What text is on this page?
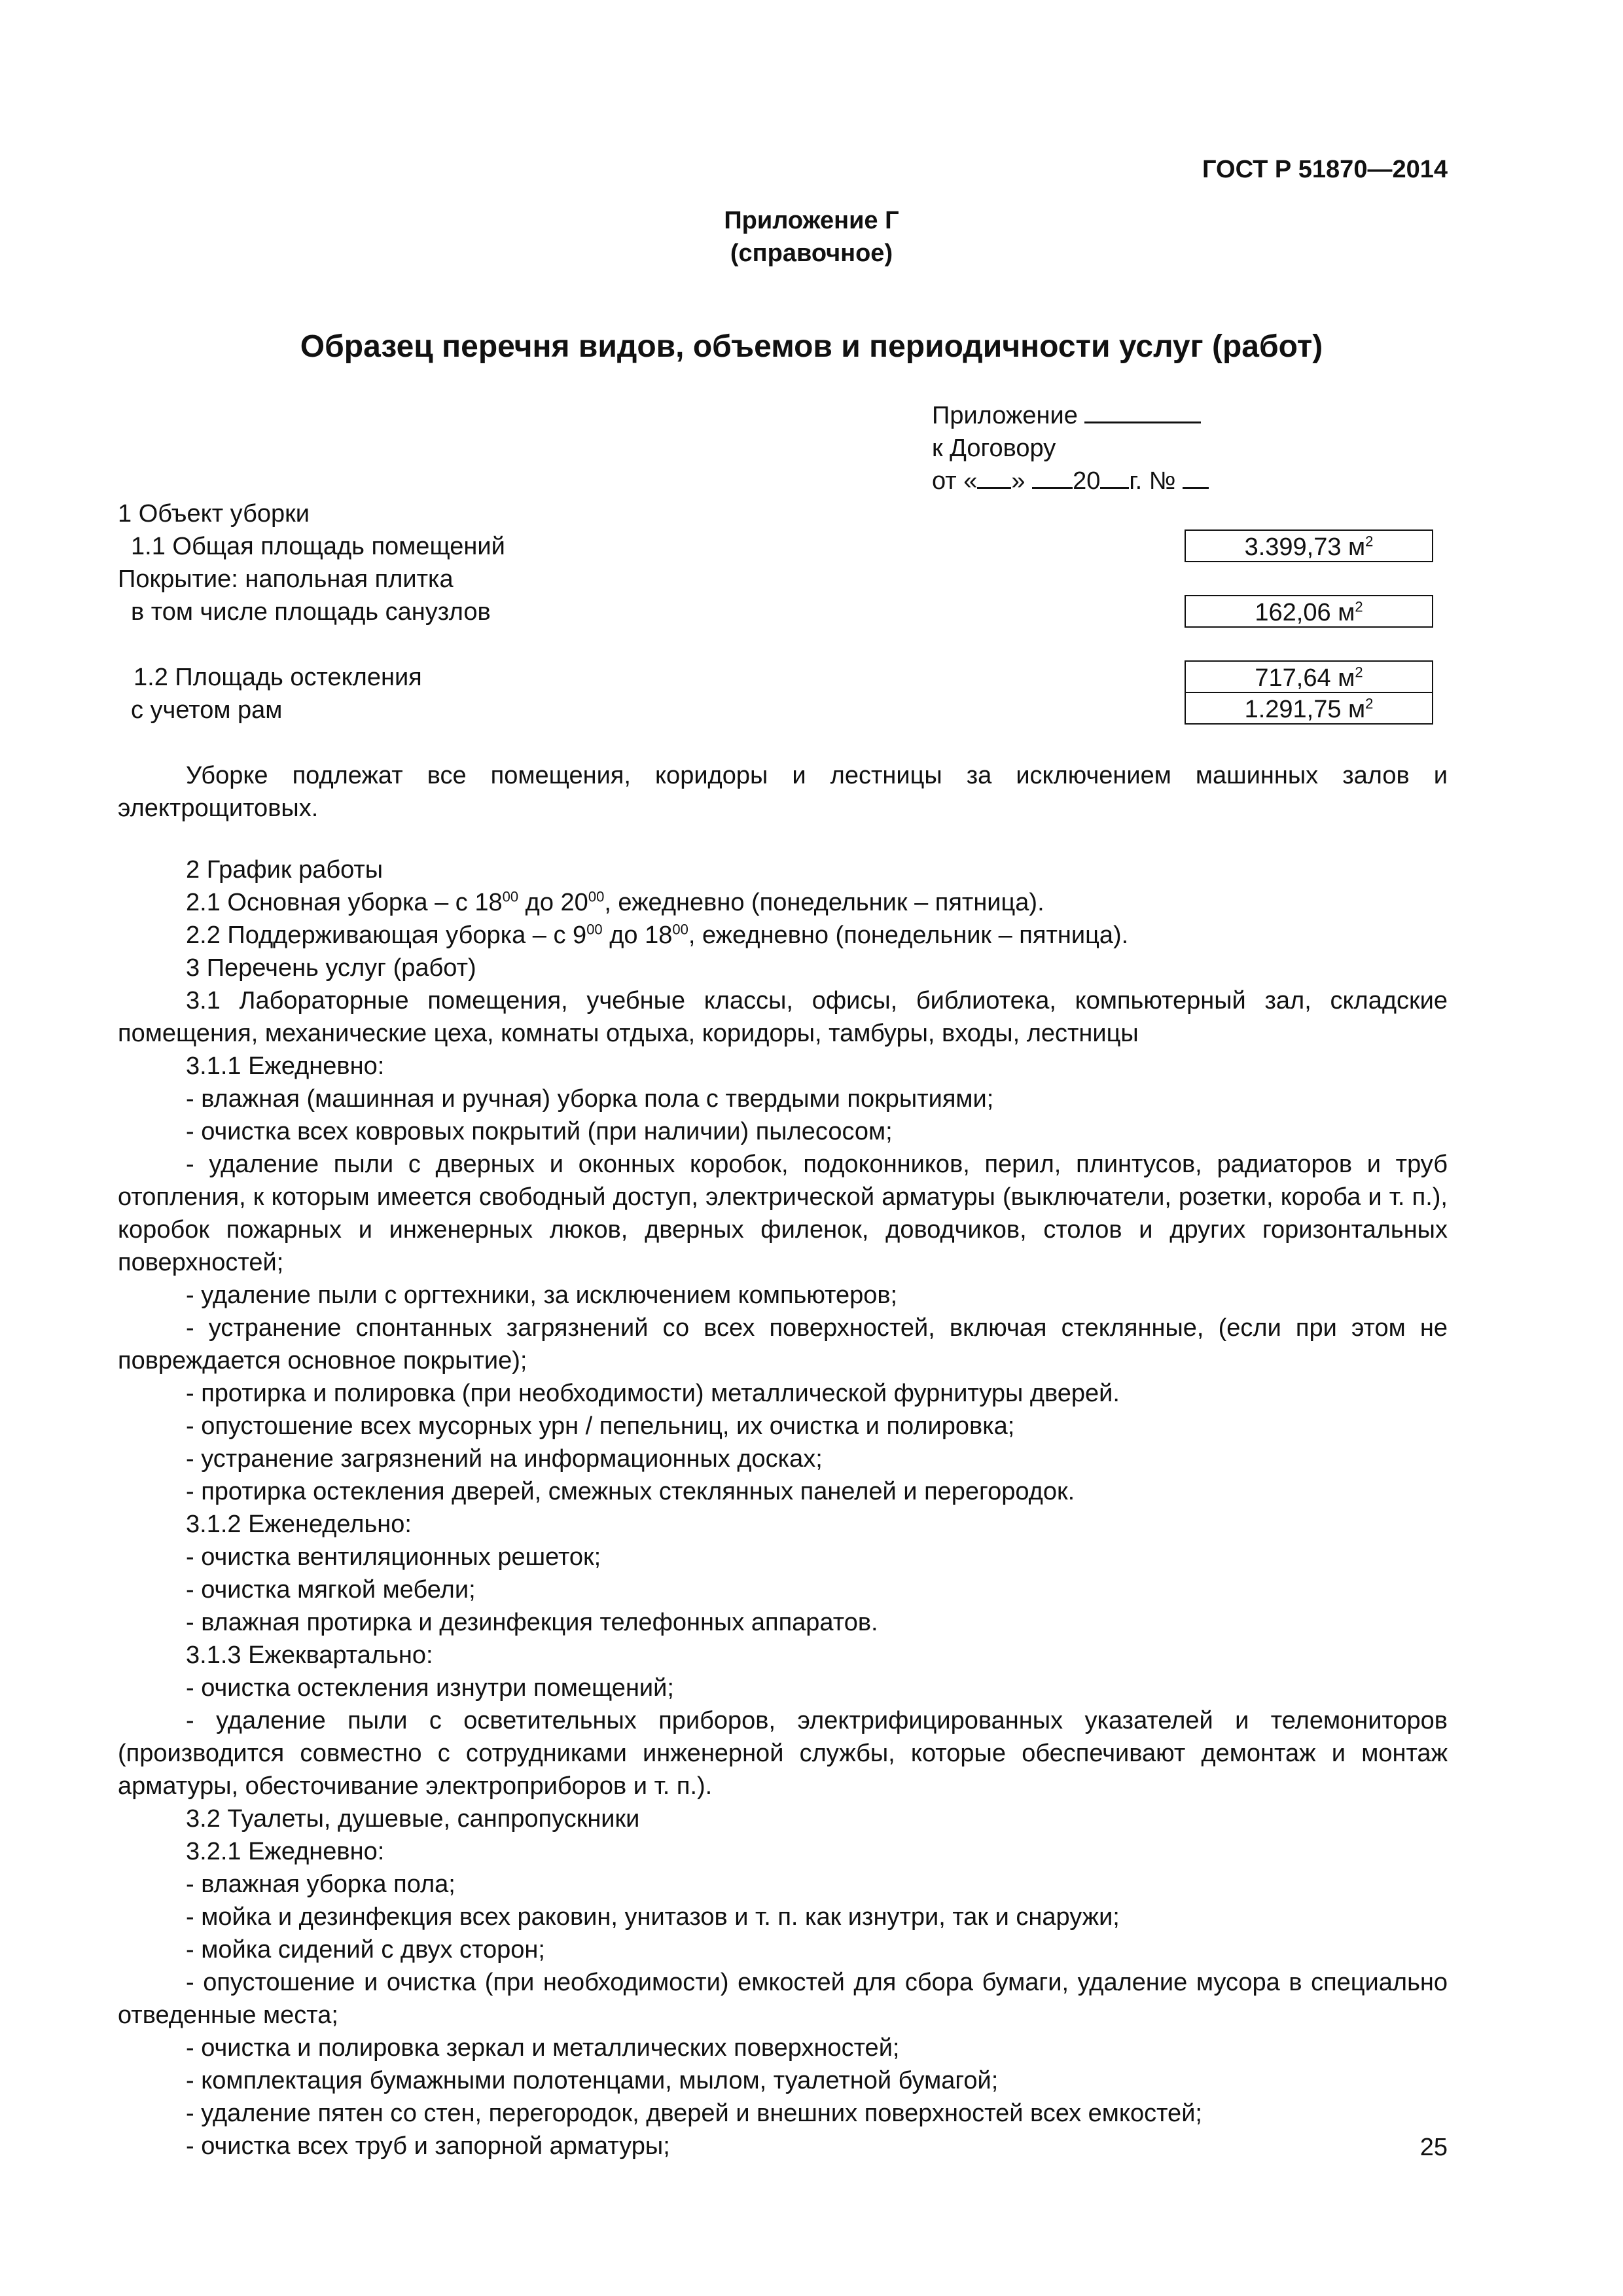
ГОСТ Р 51870—2014
Приложение Г
(справочное)
Образец перечня видов, объемов и периодичности услуг (работ)
Приложение
к Договору
от « » 20 г. №
1 Объект уборки
1.1 Общая площадь помещений	3.399,73 $м^2$
Покрытие: напольная плитка
в том числе площадь санузлов	162,06 $м^2$
1.2 Площадь остекления	717,64 $м^2$
с учетом рам	1.291,75 $м^2$
Уборке подлежат все помещения, коридоры и лестницы за исключением машинных залов и электрощитовых.
2 График работы
2.1 Основная уборка – с $18^{00}$ до $20^{00}$, ежедневно (понедельник – пятница).
2.2 Поддерживающая уборка – с $9^{00}$ до $18^{00}$, ежедневно (понедельник – пятница).
3 Перечень услуг (работ)
3.1 Лабораторные помещения, учебные классы, офисы, библиотека, компьютерный зал, складские помещения, механические цеха, комнаты отдыха, коридоры, тамбуры, входы, лестницы
3.1.1 Ежедневно:
- влажная (машинная и ручная) уборка пола с твердыми покрытиями;
- очистка всех ковровых покрытий (при наличии) пылесосом;
- удаление пыли с дверных и оконных коробок, подоконников, перил, плинтусов, радиаторов и труб отопления, к которым имеется свободный доступ, электрической арматуры (выключатели, розетки, короба и т. п.), коробок пожарных и инженерных люков, дверных филенок, доводчиков, столов и других горизонтальных поверхностей;
- удаление пыли с оргтехники, за исключением компьютеров;
- устранение спонтанных загрязнений со всех поверхностей, включая стеклянные, (если при этом не повреждается основное покрытие);
- протирка и полировка (при необходимости) металлической фурнитуры дверей.
- опустошение всех мусорных урн / пепельниц, их очистка и полировка;
- устранение загрязнений на информационных досках;
- протирка остекления дверей, смежных стеклянных панелей и перегородок.
3.1.2 Еженедельно:
- очистка вентиляционных решеток;
- очистка мягкой мебели;
- влажная протирка и дезинфекция телефонных аппаратов.
3.1.3 Ежеквартально:
- очистка остекления изнутри помещений;
- удаление пыли с осветительных приборов, электрифицированных указателей и телемониторов (производится совместно с сотрудниками инженерной службы, которые обеспечивают демонтаж и монтаж арматуры, обесточивание электроприборов и т. п.).
3.2 Туалеты, душевые, санпропускники
3.2.1 Ежедневно:
- влажная уборка пола;
- мойка и дезинфекция всех раковин, унитазов и т. п. как изнутри, так и снаружи;
- мойка сидений с двух сторон;
- опустошение и очистка (при необходимости) емкостей для сбора бумаги, удаление мусора в специально отведенные места;
- очистка и полировка зеркал и металлических поверхностей;
- комплектация бумажными полотенцами, мылом, туалетной бумагой;
- удаление пятен со стен, перегородок, дверей и внешних поверхностей всех емкостей;
- очистка всех труб и запорной арматуры;	25
